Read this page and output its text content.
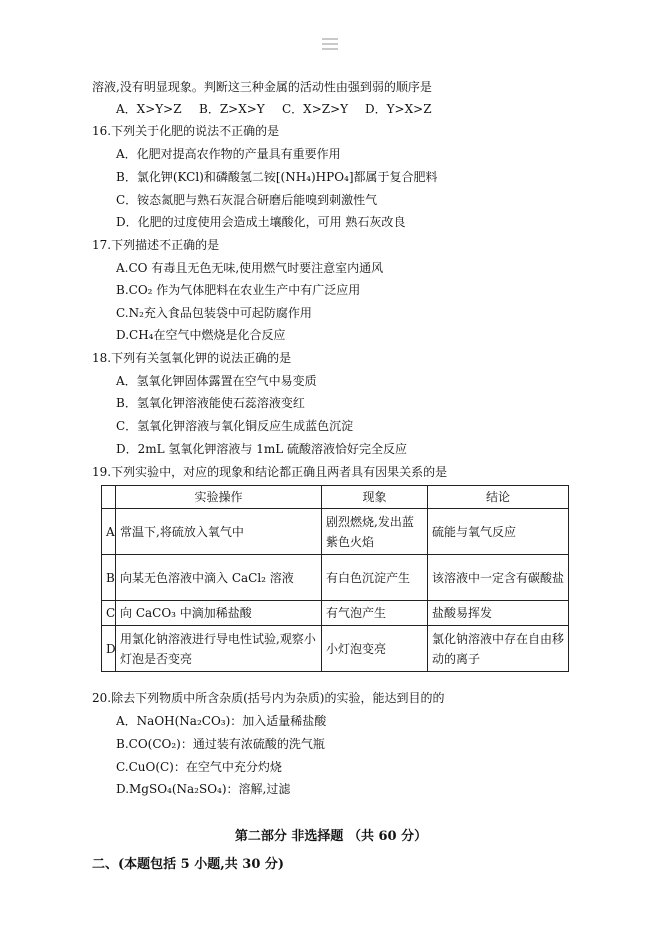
溶液,没有明显现象。判断这三种金属的活动性由强到弱的顺序是
A．X>Y>Z B．Z>X>Y C．X>Z>Y D．Y>X>Z
16.下列关于化肥的说法不正确的是
A．化肥对提高农作物的产量具有重要作用
B．氯化钾(KCl)和磷酸氢二铵[(NH₄)HPO₄]都属于复合肥料
C．铵态氮肥与熟石灰混合研磨后能嗅到刺激性气
D．化肥的过度使用会造成土壤酸化，可用 熟石灰改良
17.下列描述不正确的是
A.CO 有毒且无色无味,使用燃气时要注意室内通风
B.CO₂ 作为气体肥料在农业生产中有广泛应用
C.N₂充入食品包装袋中可起防腐作用
D.CH₄在空气中燃烧是化合反应
18.下列有关氢氧化钾的说法正确的是
A．氢氧化钾固体露置在空气中易变质
B．氢氧化钾溶液能使石蕊溶液变红
C．氢氧化钾溶液与氧化铜反应生成蓝色沉淀
D．2mL 氢氧化钾溶液与 1mL 硫酸溶液恰好完全反应
19.下列实验中，对应的现象和结论都正确且两者具有因果关系的是
	实验操作	现象	结论
A	常温下,将硫放入氧气中	剧烈燃烧,发出蓝紫色火焰	硫能与氧气反应
B	向某无色溶液中滴入 CaCl₂ 溶液	有白色沉淀产生	该溶液中一定含有碳酸盐
C	向 CaCO₃ 中滴加稀盐酸	有气泡产生	盐酸易挥发
D	用氯化钠溶液进行导电性试验,观察小灯泡是否变亮	小灯泡变亮	氯化钠溶液中存在自由移动的离子
20.除去下列物质中所含杂质(括号内为杂质)的实验，能达到目的的
A．NaOH(Na₂CO₃)：加入适量稀盐酸
B.CO(CO₂)：通过装有浓硫酸的洗气瓶
C.CuO(C)：在空气中充分灼烧
D.MgSO₄(Na₂SO₄)：溶解,过滤
第二部分 非选择题 （共 60 分）
二、(本题包括 5 小题,共 30 分)
